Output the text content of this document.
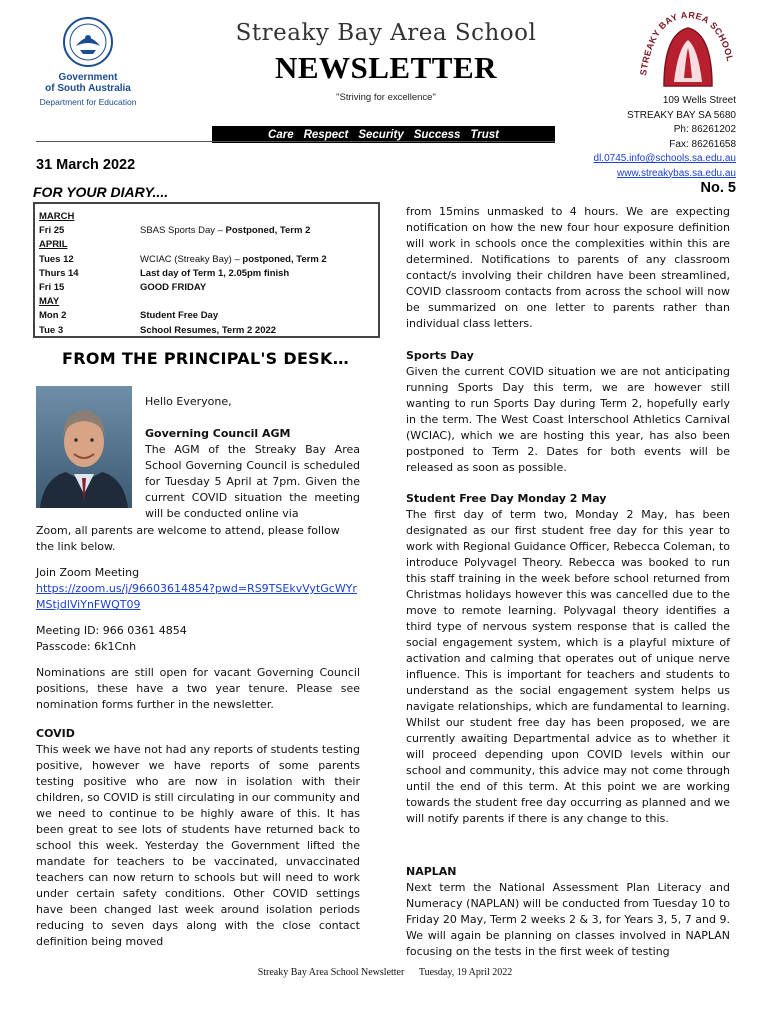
Government
of South Australia
Department for Education
Streaky Bay Area School
NEWSLETTER
"Striving for excellence"
Care Respect Security Success Trust
STREAKY BAY AREA SCHOOL
109 Wells Street
STREAKY BAY SA 5680
Ph: 86261202
Fax: 86261658
dl.0745.info@schools.sa.edu.au
www.streakybas.sa.edu.au
31 March 2022
No. 5
FOR YOUR DIARY....
MARCH
Fri 25	SBAS Sports Day – Postponed, Term 2
APRIL
Tues 12	WCIAC (Streaky Bay) – postponed, Term 2
Thurs 14	Last day of Term 1, 2.05pm finish
Fri 15	GOOD FRIDAY
MAY
Mon 2	Student Free Day
Tue 3	School Resumes, Term 2 2022
FROM THE PRINCIPAL'S DESK…
Hello Everyone,
Governing Council AGM
The AGM of the Streaky Bay Area School Governing Council is scheduled for Tuesday 5 April at 7pm. Given the current COVID situation the meeting will be conducted online via
Zoom, all parents are welcome to attend, please follow the link below.
Join Zoom Meeting
https://zoom.us/j/96603614854?pwd=RS9TSEkvVytGcWYrMStjdlViYnFWQT09
Meeting ID: 966 0361 4854
Passcode: 6k1Cnh
Nominations are still open for vacant Governing Council positions, these have a two year tenure. Please see nomination forms further in the newsletter.
COVID
This week we have not had any reports of students testing positive, however we have reports of some parents testing positive who are now in isolation with their children, so COVID is still circulating in our community and we need to continue to be highly aware of this. It has been great to see lots of students have returned back to school this week. Yesterday the Government lifted the mandate for teachers to be vaccinated, unvaccinated teachers can now return to schools but will need to work under certain safety conditions. Other COVID settings have been changed last week around isolation periods reducing to seven days along with the close contact definition being moved
from 15mins unmasked to 4 hours. We are expecting notification on how the new four hour exposure definition will work in schools once the complexities within this are determined. Notifications to parents of any classroom contact/s involving their children have been streamlined, COVID classroom contacts from across the school will now be summarized on one letter to parents rather than individual class letters.
Sports Day
Given the current COVID situation we are not anticipating running Sports Day this term, we are however still wanting to run Sports Day during Term 2, hopefully early in the term. The West Coast Interschool Athletics Carnival (WCIAC), which we are hosting this year, has also been postponed to Term 2. Dates for both events will be released as soon as possible.
Student Free Day Monday 2 May
The first day of term two, Monday 2 May, has been designated as our first student free day for this year to work with Regional Guidance Officer, Rebecca Coleman, to introduce Polyvagel Theory. Rebecca was booked to run this staff training in the week before school returned from Christmas holidays however this was cancelled due to the move to remote learning. Polyvagal theory identifies a third type of nervous system response that is called the social engagement system, which is a playful mixture of activation and calming that operates out of unique nerve influence. This is important for teachers and students to understand as the social engagement system helps us navigate relationships, which are fundamental to learning. Whilst our student free day has been proposed, we are currently awaiting Departmental advice as to whether it will proceed depending upon COVID levels within our school and community, this advice may not come through until the end of this term. At this point we are working towards the student free day occurring as planned and we will notify parents if there is any change to this.
NAPLAN
Next term the National Assessment Plan Literacy and Numeracy (NAPLAN) will be conducted from Tuesday 10 to Friday 20 May, Term 2 weeks 2 & 3, for Years 3, 5, 7 and 9. We will again be planning on classes involved in NAPLAN focusing on the tests in the first week of testing
Streaky Bay Area School Newsletter Tuesday, 19 April 2022
